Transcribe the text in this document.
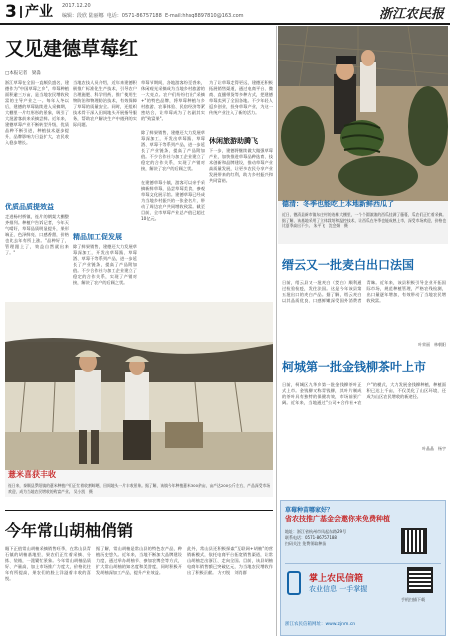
3 产业 2017.12.20
编辑：段欣 陆丽娜 电话：0571-86757188 E-mail:hhsq8897810@163.com	浙江农民报
又见建德草莓红
□本报记者　梁淼
浙江草莓在全国一直颇负盛名，建德作为"中国草莓之乡"，草莓种植面积逾三万亩，是当地农民增收致富的主导产业之一。每年入冬以后，建德的草莓陆续进入采摘期，大棚里一片红彤彤的景象，吸引了大批游客前来采摘尝鲜。近年来，建德草莓产业不断转型升级，优质品种不断引进，种植技术逐步提升，品牌影响力日益扩大，农民收入稳步增长。
优质品质提效益
走进杨村桥镇，连片的钢架大棚整齐排列。种植户告诉记者，今年天气晴好，草莓品质明显提升，果形端正、色泽鲜亮、口感香甜，价格也比去年有所上涨。"品种好了，管理跟上了，效益自然就出来了。"
当地农技人员介绍，近年来建德积极推广标准化生产技术，引导农户合理施肥、科学用药，推广使用生物防治和物理防治技术，有效保障了草莓的质量安全。同时，还组织技术骨干深入田间地头开展指导服务，帮助农户解决生产中遇到的实际问题。
精品加工促发展
除了鲜果销售，建德还大力发展草莓深加工，开发出草莓酱、草莓酒、草莓干等系列产品，进一步延长了产业链条，提高了产品附加值。不少合作社与加工企业建立了稳定的合作关系，实现了产销对接，解决了农户的后顾之忧。
草莓节期间，各地游客纷至沓来，休闲观光采摘成为当地乡村旅游的一大亮点。农户们纷纷打出"采摘+"的特色品牌，将草莓种植与乡村旅游、农事体验、民宿经济等紧密结合，让草莓成为了名副其实的"致富果"。
除了鲜果销售，建德还大力发展草莓深加工，开发出草莓酱、草莓酒、草莓干等系列产品，进一步延长了产业链条，提高了产品附加值。不少合作社与加工企业建立了稳定的合作关系，实现了产销对接，解决了农户的后顾之忧。
在建德草莓小镇，游客可以亲手采摘新鲜草莓，品尝草莓美食，参观草莓文化展示馆。建德草莓已经成为当地乡村振兴的一张金名片，带动了周边农户共同增收致富。截至目前，全市草莓产业总产值已超过10亿元。
为了让草莓走得更远，建德还积极拓展销售渠道，通过电商平台、微商、直播带货等多种方式，把建德草莓卖到了全国各地。不少年轻人返乡创业，投身草莓产业，为这一传统产业注入了新的活力。
休闲旅游助腾飞
下一步，建德将继续做大做强草莓产业，加快推进草莓品种选育、技术创新和品牌建设，推动草莓产业高质量发展，让更多农民分享产业发展带来的红利，助力乡村振兴和共同富裕。
德清：冬季也能吃上本地新鲜西瓜了
近日，德清县新市镇东庄村的连栋大棚里，一个个圆滚滚的西瓜挂满了藤蔓，瓜农们正忙着采摘。据了解，该基地采用了立体栽培和温控技术，让西瓜在冬季也能成熟上市，深受市场欢迎，价格也比夏季高出不少。 朱平飞　沈会娟　摄
缙云又一批麦白出口法国
日前，缙云县又一批麦白（茭白）顺利通过检验检疫，发往法国。这是今年该县第五批出口的麦白产品。据了解，缙云麦白以其品质优良、口感鲜嫩深受国外消费者青睐。近年来，该县积极引导企业开拓国际市场，规范种植管理，严格农残检测，出口量逐年增加，有效带动了当地农民增收致富。
叶荣丽　林朝阳
柯城第一批金钱柳茶叶上市
日前，柯城区九华乡第一批金钱柳茶叶正式上市。金钱柳又称青钱柳，其叶片制成的茶叶具有独特的保健功效，市场前景广阔。近年来，当地通过"公司+合作社+农户"的模式，大力发展金钱柳种植，种植面积已达上千亩，不仅美化了山区环境，还成为山区农民增收的新途径。
叶晶晶　杨宇
薏米喜获丰收
连日来，泰顺县罗阳镇的薏米种植户们正忙着收割晾晒，田间地头一片丰收景象。据了解，该镇今年种植薏米300余亩，亩产达200公斤左右，产品深受市场欢迎，成为当地农民增收的致富产业。 吴小凯　摄
今年常山胡柚俏销
眼下正值常山胡柚采摘销售旺季，在常山县青石镇的胡柚基地里，果农们正忙着采摘、分拣、装箱，一派繁忙景象。今年常山胡柚品质好、产量高，加上市场推广力度大，价格比往年有所提高，果农们的脸上洋溢着丰收的喜悦。
据了解，常山胡柚是常山县的特色农产品，种植历史悠久。近年来，当地不断加大品牌建设力度，通过举办胡柚节、参加农博会等方式，扩大常山胡柚的知名度和美誉度，同时积极开发胡柚深加工产品，提升产业效益。
此外，常山县还积极探索"互联网+胡柚"的营销新模式，依托电商平台拓宽销售渠道，让常山胡柚走出浙江、走向全国。目前，该县胡柚电商年销售额已突破亿元，为当地农民增收作出了积极贡献。 方刃锐　刘肖群
草莓种苗哪家好？
省农技推广基金会邀你来免费种植
地址：浙江省杭州市凤起东路29号
联系电话：0571-86757188
扫码关注 免费领取种苗
掌上农民信箱
农业信息 一手掌握
手机扫描下载
浙江农民信箱网址：www.zjnm.cn
